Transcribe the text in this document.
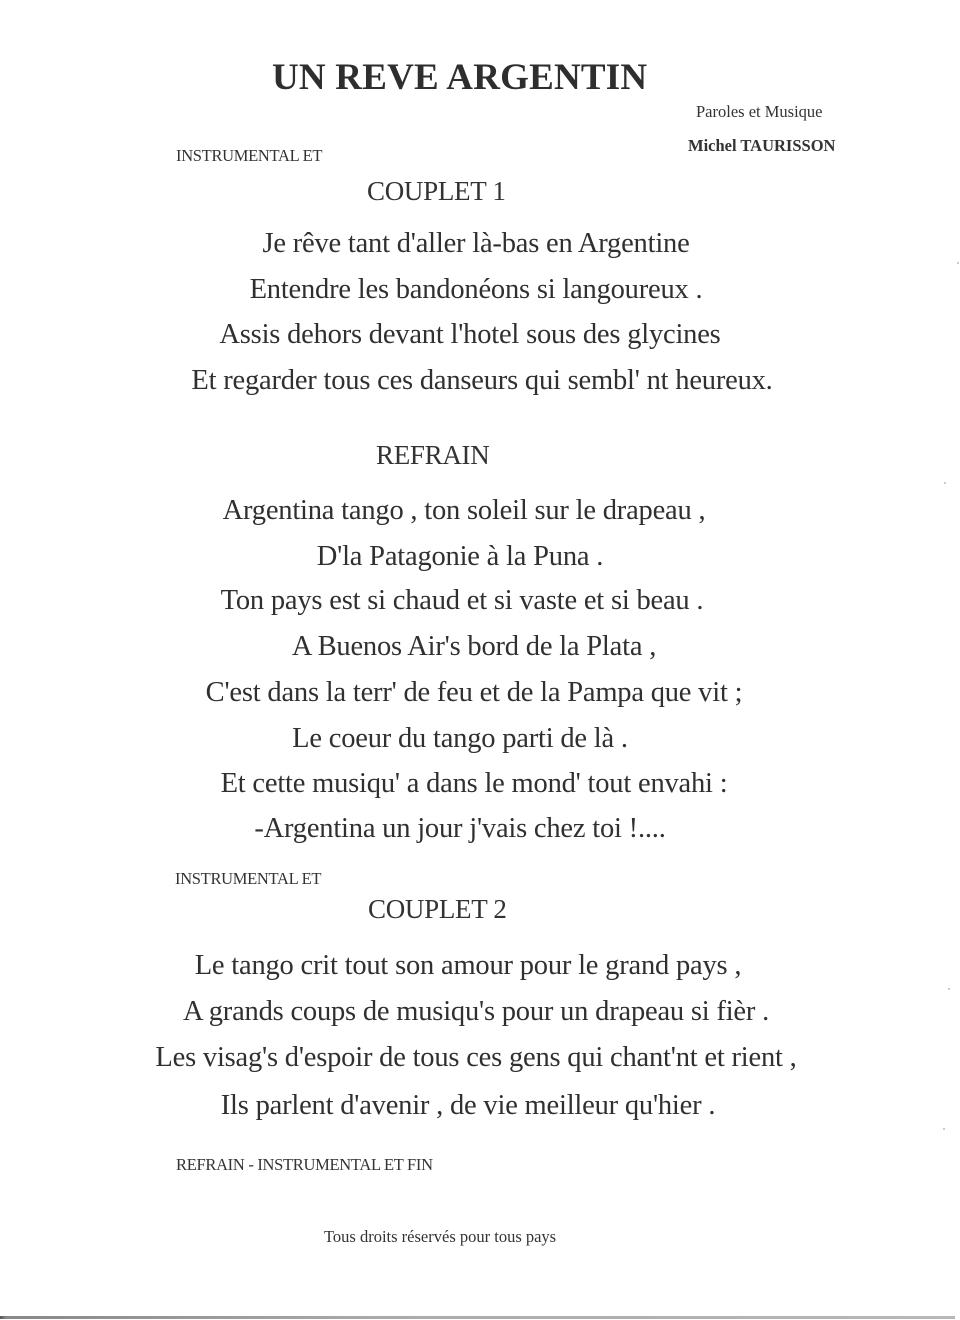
UN REVE ARGENTIN
Paroles et Musique
Michel TAURISSON
INSTRUMENTAL ET
COUPLET 1
Je rêve tant d'aller là-bas en Argentine
Entendre les bandonéons si langoureux .
Assis dehors devant l'hotel sous des glycines
Et regarder tous ces danseurs qui sembl' nt heureux.
REFRAIN
Argentina tango , ton soleil sur le drapeau ,
D'la Patagonie à la Puna .
Ton pays est si chaud et si vaste et si beau .
A Buenos Air's bord de la Plata ,
C'est dans la terr' de feu et de la Pampa que vit ;
Le coeur du tango parti de là .
Et cette musiqu' a dans le mond' tout envahi :
-Argentina un jour j'vais chez toi !....
INSTRUMENTAL ET
COUPLET 2
Le tango crit tout son amour pour le grand pays ,
A grands coups de musiqu's pour un drapeau si fièr .
Les visag's d'espoir de tous ces gens qui chant'nt et rient ,
Ils parlent d'avenir , de vie meilleur qu'hier .
REFRAIN - INSTRUMENTAL ET FIN
Tous droits réservés pour tous pays
